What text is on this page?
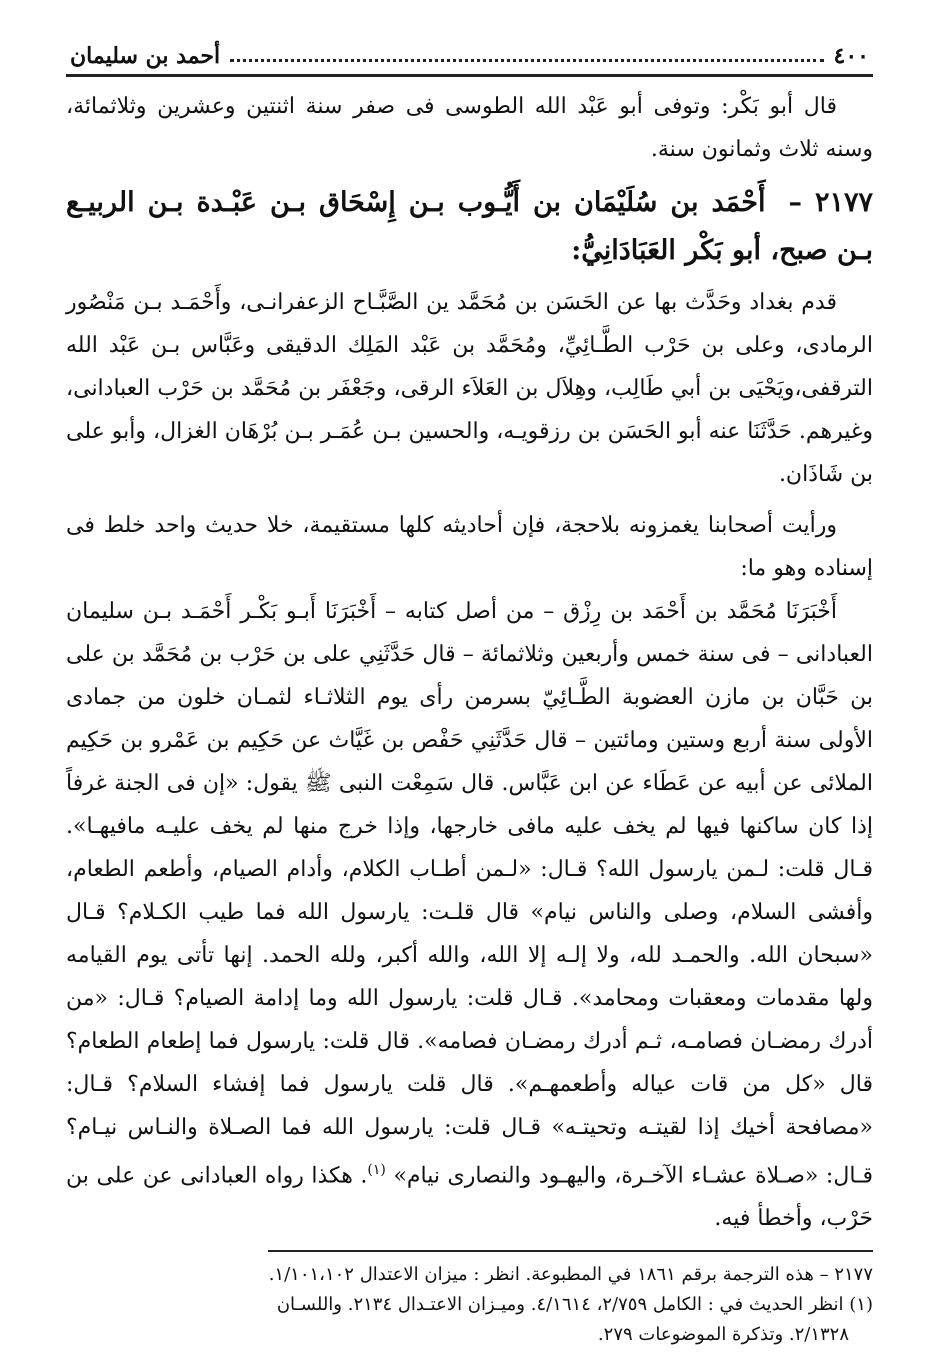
٤٠٠
أحمد بن سليمان

قال أبو بَكْر: وتوفى أبو عَبْد الله الطوسى فى صفر سنة اثنتين وعشرين وثلاثمائة، وسنه ثلاث وثمانون سنة.

٢١٧٧ – أَحْمَد بن سُلَيْمَان بن أَيُّـوب بـن إِسْحَاق بـن عَبْـدة بـن الربيـع بـن صبح، أبو بَكْر العَبَادَانِيُّ:

قدم بغداد وحَدَّث بها عن الحَسَن بن مُحَمَّد ين الصَّبَّـاح الزعفرانـى، وأَحْمَـد بـن مَنْصُور الرمادى، وعلى بن حَرْب الطَّـائِيِّ، ومُحَمَّد بن عَبْد المَلِك الدقيقى وعَبَّاس بـن عَبْد الله الترقفى،ويَحْيَى بن أبي طَالِب، وهِلاَل بن العَلاَء الرقى، وجَعْفَر بن مُحَمَّد بن حَرْب العبادانى، وغيرهم. حَدَّثَنَا عنه أبو الحَسَن بن رزقويـه، والحسين بـن عُمَـر بـن بُرْهَان الغزال، وأبو على بن شَاذَان.

ورأيت أصحابنا يغمزونه بلاحجة، فإن أحاديثه كلها مستقيمة، خلا حديث واحد خلط فى إسناده وهو ما:

أَخْبَرَنَا مُحَمَّد بن أَحْمَد بن رِزْق – من أصل كتابه – أَخْبَرَنَا أَبـو بَكْـر أَحْمَـد بـن سليمان العبادانى – فى سنة خمس وأربعين وثلاثمائة – قال حَدَّثَنِي على بن حَرْب بن مُحَمَّد بن على بن حَبَّان بن مازن العضوبة الطَّـائِيّ بسرمن رأى يوم الثلاثـاء لثمـان خلون من جمادى الأولى سنة أربع وستين ومائتين – قال حَدَّثَنِي حَفْص بن غَيَّاث عن حَكِيم بن عَمْرو بن حَكِيم الملائى عن أبيه عن عَطَاء عن ابن عَبَّاس. قال سَمِعْت النبى ﷺ يقول: «إن فى الجنة غرفاً إذا كان ساكنها فيها لم يخف عليه مافى خارجها، وإذا خرج منها لم يخف عليـه مافيهـا». قـال قلت: لـمن يارسول الله؟ قـال: «لـمن أطـاب الكلام، وأدام الصيام، وأطعم الطعام، وأفشى السلام، وصلى والناس نيام» قال قلـت: يارسول الله فما طيب الكـلام؟ قـال «سبحان الله. والحمـد لله، ولا إلـه إلا الله، والله أكبر، ولله الحمد. إنها تأتى يوم القيامه ولها مقدمات ومعقبات ومحامد». قـال قلت: يارسول الله وما إدامة الصيام؟ قـال: «من أدرك رمضـان فصامـه، ثـم أدرك رمضـان فصامه». قال قلت: يارسول فما إطعام الطعام؟ قال «كل من قات عياله وأطعمهـم». قال قلت يارسول فما إفشاء السلام؟ قـال: «مصافحة أخيك إذا لقيتـه وتحيتـه» قـال قلت: يارسول الله فما الصـلاة والنـاس نيـام؟ قـال: «صـلاة عشـاء الآخـرة، واليهـود والنصارى نيام» $^{(١)}$. هكذا رواه العبادانى عن على بن حَرْب، وأخطأ فيه.

٢١٧٧ – هذه الترجمة برقم ١٨٦١ في المطبوعة. انظر : ميزان الاعتدال ١/١٠١،١٠٢.

(١) انظر الحديث في : الكامل ٢/٧٥٩، ٤/١٦١٤. وميـزان الاعتـدال ٢١٣٤. واللسـان

٢/١٣٢٨. وتذكرة الموضوعات ٢٧٩.
